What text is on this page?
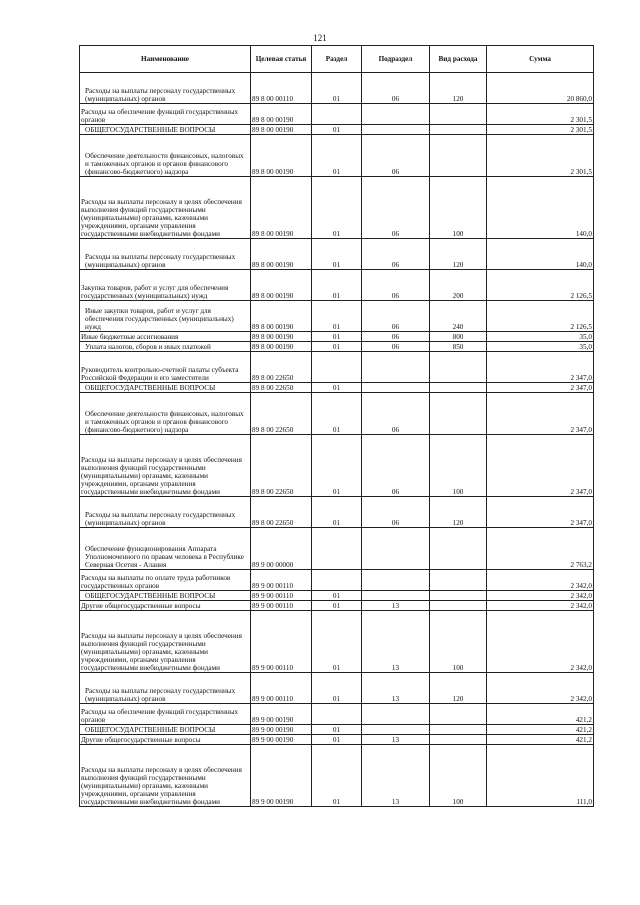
121
Наименование	Целевая статья	Раздел	Подраздел	Вид расхода	Сумма
Расходы на выплаты персоналу государственных (муниципальных) органов	89 8 00 00110	01	06	120	20 860,0
Расходы на обеспечение функций государственных органов	89 8 00 00190				2 301,5
ОБЩЕГОСУДАРСТВЕННЫЕ ВОПРОСЫ	89 8 00 00190	01			2 301,5
Обеспечение деятельности финансовых, налоговых и таможенных органов и органов финансового (финансово-бюджетного) надзора	89 8 00 00190	01	06		2 301,5
Расходы на выплаты персоналу в целях обеспечения выполнения функций государственными (муниципальными) органами, казенными учреждениями, органами управления государственными внебюджетными фондами	89 8 00 00190	01	06	100	140,0
Расходы на выплаты персоналу государственных (муниципальных) органов	89 8 00 00190	01	06	120	140,0
Закупка товаров, работ и услуг для обеспечения государственных (муниципальных) нужд	89 8 00 00190	01	06	200	2 126,5
Иные закупки товаров, работ и услуг для обеспечения государственных (муниципальных) нужд	89 8 00 00190	01	06	240	2 126,5
Иные бюджетные ассигнования	89 8 00 00190	01	06	800	35,0
Уплата налогов, сборов и иных платежей	89 8 00 00190	01	06	850	35,0
Руководитель контрольно-счетной палаты субъекта Российской Федерации и его заместители	89 8 00 22650				2 347,0
ОБЩЕГОСУДАРСТВЕННЫЕ ВОПРОСЫ	89 8 00 22650	01			2 347,0
Обеспечение деятельности финансовых, налоговых и таможенных органов и органов финансового (финансово-бюджетного) надзора	89 8 00 22650	01	06		2 347,0
Расходы на выплаты персоналу в целях обеспечения выполнения функций государственными (муниципальными) органами, казенными учреждениями, органами управления государственными внебюджетными фондами	89 8 00 22650	01	06	100	2 347,0
Расходы на выплаты персоналу государственных (муниципальных) органов	89 8 00 22650	01	06	120	2 347,0
Обеспечение функционирования Аппарата Уполномоченного по правам человека в Республике Северная Осетия - Алания	89 9 00 00000				2 763,2
Расходы на выплаты по оплате труда работников государственных органов	89 9 00 00110				2 342,0
ОБЩЕГОСУДАРСТВЕННЫЕ ВОПРОСЫ	89 9 00 00110	01			2 342,0
Другие общегосударственные вопросы	89 9 00 00110	01	13		2 342,0
Расходы на выплаты персоналу в целях обеспечения выполнения функций государственными (муниципальными) органами, казенными учреждениями, органами управления государственными внебюджетными фондами	89 9 00 00110	01	13	100	2 342,0
Расходы на выплаты персоналу государственных (муниципальных) органов	89 9 00 00110	01	13	120	2 342,0
Расходы на обеспечение функций государственных органов	89 9 00 00190				421,2
ОБЩЕГОСУДАРСТВЕННЫЕ ВОПРОСЫ	89 9 00 00190	01			421,2
Другие общегосударственные вопросы	89 9 00 00190	01	13		421,2
Расходы на выплаты персоналу в целях обеспечения выполнения функций государственными (муниципальными) органами, казенными учреждениями, органами управления государственными внебюджетными фондами	89 9 00 00190	01	13	100	111,0
